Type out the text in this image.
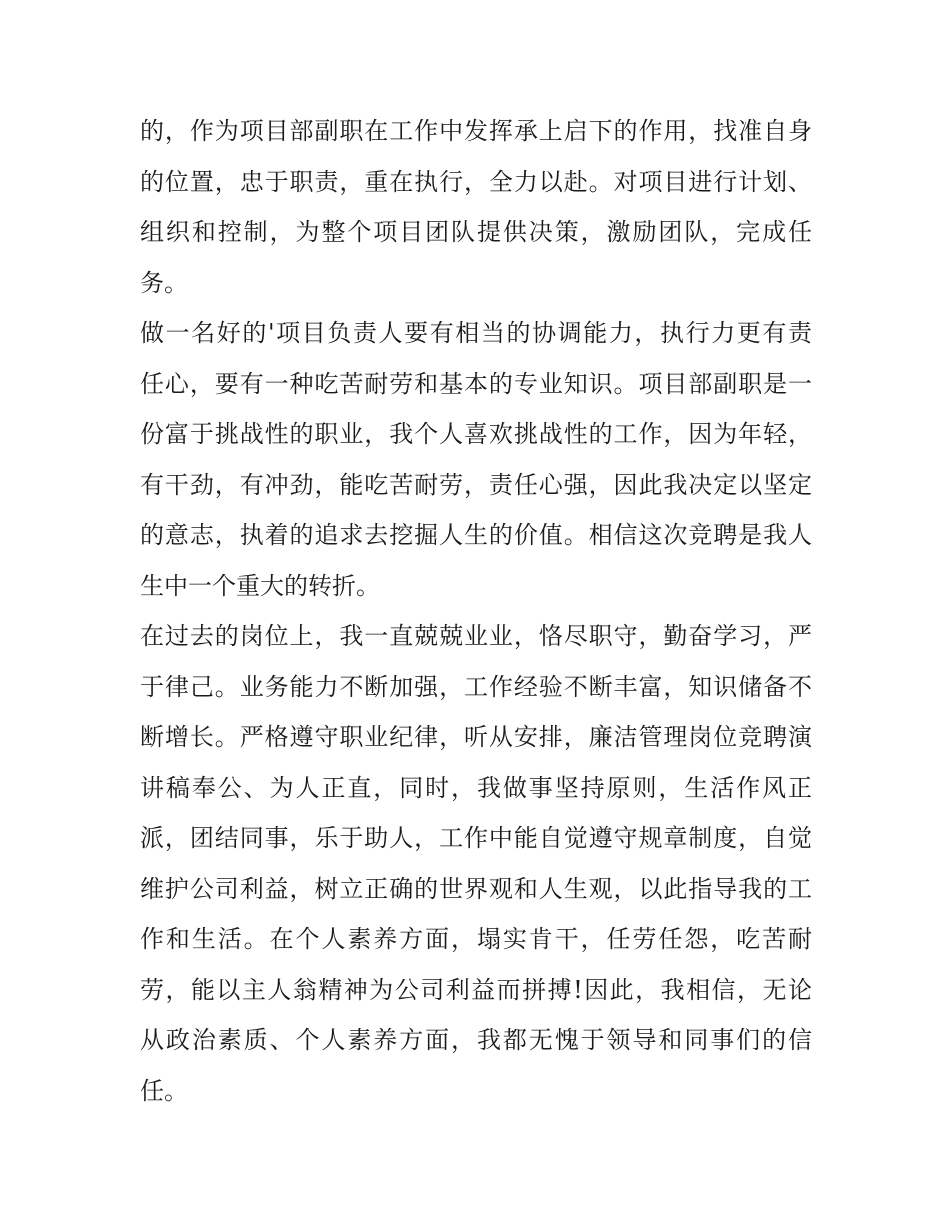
的，作为项目部副职在工作中发挥承上启下的作用，找准自身
的位置，忠于职责，重在执行，全力以赴。对项目进行计划、
组织和控制，为整个项目团队提供决策，激励团队，完成任
务。
做一名好的'项目负责人要有相当的协调能力，执行力更有责
任心，要有一种吃苦耐劳和基本的专业知识。项目部副职是一
份富于挑战性的职业，我个人喜欢挑战性的工作，因为年轻，
有干劲，有冲劲，能吃苦耐劳，责任心强，因此我决定以坚定
的意志，执着的追求去挖掘人生的价值。相信这次竞聘是我人
生中一个重大的转折。
在过去的岗位上，我一直兢兢业业，恪尽职守，勤奋学习，严
于律己。业务能力不断加强，工作经验不断丰富，知识储备不
断增长。严格遵守职业纪律，听从安排，廉洁管理岗位竞聘演
讲稿奉公、为人正直，同时，我做事坚持原则，生活作风正
派，团结同事，乐于助人，工作中能自觉遵守规章制度，自觉
维护公司利益，树立正确的世界观和人生观，以此指导我的工
作和生活。在个人素养方面，塌实肯干，任劳任怨，吃苦耐
劳，能以主人翁精神为公司利益而拼搏!因此，我相信，无论
从政治素质、个人素养方面，我都无愧于领导和同事们的信
任。
